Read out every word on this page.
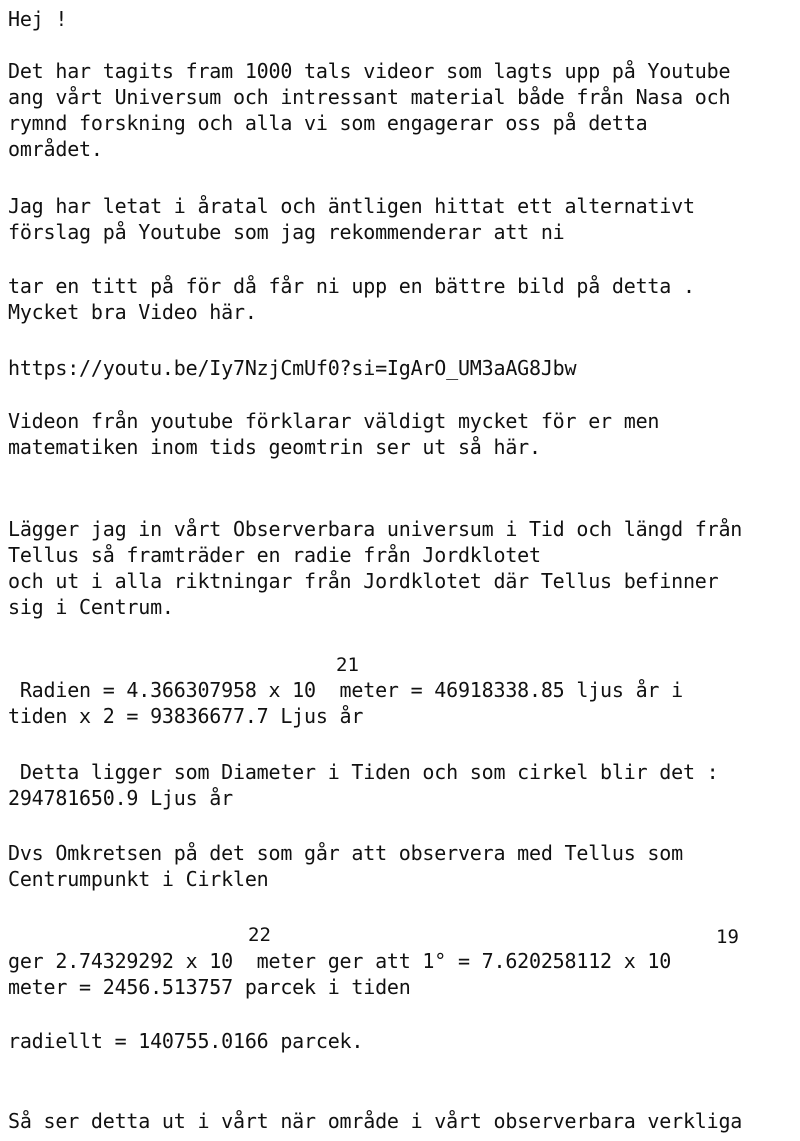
Hej !
Det har tagits fram 1000 tals videor som lagts upp på Youtube
ang vårt Universum och intressant material både från Nasa och
rymnd forskning och alla vi som engagerar oss på detta
området.
Jag har letat i åratal och äntligen hittat ett alternativt
förslag på Youtube som jag rekommenderar att ni
tar en titt på för då får ni upp en bättre bild på detta .
Mycket bra Video här.
https://youtu.be/Iy7NzjCmUf0?si=IgArO_UM3aAG8Jbw
Videon från youtube förklarar väldigt mycket för er men
matematiken inom tids geomtrin ser ut så här.
Lägger jag in vårt Observerbara universum i Tid och längd från
Tellus så framträder en radie från Jordklotet
och ut i alla riktningar från Jordklotet där Tellus befinner
sig i Centrum.
21
Radien = 4.366307958 x 10  meter = 46918338.85 ljus år i
tiden x 2 = 93836677.7 Ljus år
Detta ligger som Diameter i Tiden och som cirkel blir det :
294781650.9 Ljus år
Dvs Omkretsen på det som går att observera med Tellus som
Centrumpunkt i Cirklen
22	19
ger 2.74329292 x 10  meter ger att 1° = 7.620258112 x 10
meter = 2456.513757 parcek i tiden
radiellt = 140755.0166 parcek.
Så ser detta ut i vårt när område i vårt observerbara verkliga
